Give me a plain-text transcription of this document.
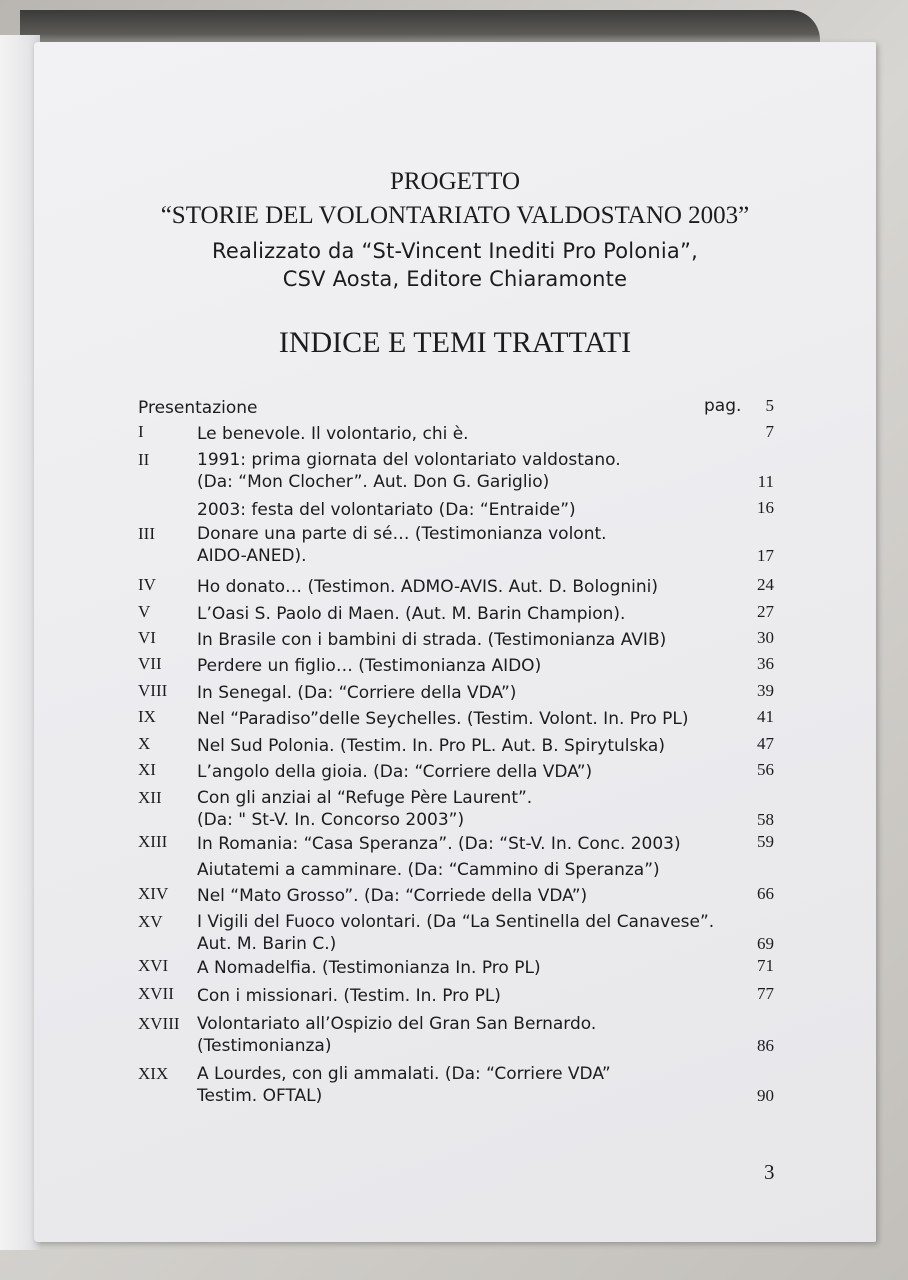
PROGETTO
“STORIE DEL VOLONTARIATO VALDOSTANO 2003”
Realizzato da “St-Vincent Inediti Pro Polonia”,
CSV Aosta, Editore Chiaramonte
INDICE E TEMI TRATTATI
Presentazione	pag. 5
I	Le benevole. Il volontario, chi è.	7
II	1991: prima giornata del volontariato valdostano.
(Da: “Mon Clocher”. Aut. Don G. Gariglio)	11
2003: festa del volontariato (Da: “Entraide”)	16
III Donare una parte di sé… (Testimonianza volont.
AIDO-ANED).	17
IV Ho donato… (Testimon. ADMO-AVIS. Aut. D. Bolognini)	24
V	L’Oasi S. Paolo di Maen. (Aut. M. Barin Champion).	27
VI In Brasile con i bambini di strada. (Testimonianza AVIB)	30
VII Perdere un figlio… (Testimonianza AIDO)	36
VIII In Senegal. (Da: “Corriere della VDA”)	39
IX Nel “Paradiso”delle Seychelles. (Testim. Volont. In. Pro PL)	41
X	Nel Sud Polonia. (Testim. In. Pro PL. Aut. B. Spirytulska)	47
XI L’angolo della gioia. (Da: “Corriere della VDA”)	56
XII Con gli anziai al “Refuge Père Laurent”.
(Da: " St-V. In. Concorso 2003”)	58
XIII In Romania: “Casa Speranza”. (Da: “St-V. In. Conc. 2003)	59
Aiutatemi a camminare. (Da: “Cammino di Speranza”)
XIV Nel “Mato Grosso”. (Da: “Corriede della VDA”)	66
XV I Vigili del Fuoco volontari. (Da “La Sentinella del Canavese”.
Aut. M. Barin C.)	69
XVI A Nomadelfia. (Testimonianza In. Pro PL)	71
XVII Con i missionari. (Testim. In. Pro PL)	77
XVIII Volontariato all’Ospizio del Gran San Bernardo.
(Testimonianza)	86
XIX A Lourdes, con gli ammalati. (Da: “Corriere VDA”
Testim. OFTAL)	90
3
